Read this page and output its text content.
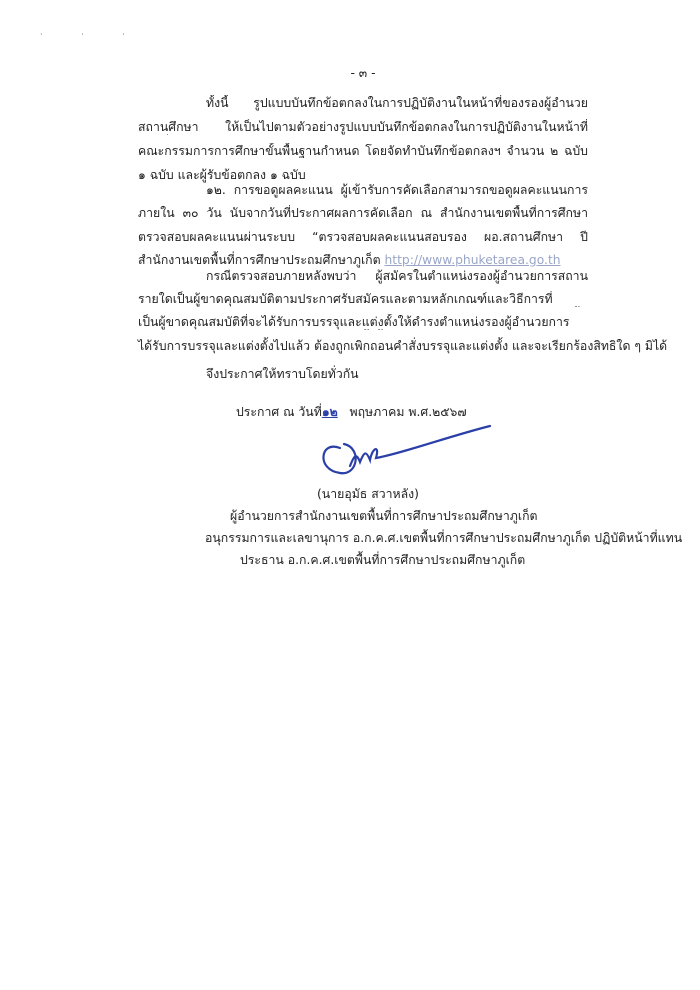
· · ·
- ๓ -
ทั้งนี้ รูปแบบบันทึกข้อตกลงในการปฏิบัติงานในหน้าที่ของรองผู้อำนวย
สถานศึกษา ให้เป็นไปตามตัวอย่างรูปแบบบันทึกข้อตกลงในการปฏิบัติงานในหน้าที่
คณะกรรมการการศึกษาขั้นพื้นฐานกำหนด โดยจัดทำบันทึกข้อตกลงฯ จำนวน ๒ ฉบับ
๑ ฉบับ และผู้รับข้อตกลง ๑ ฉบับ
๑๒. การขอดูผลคะแนน ผู้เข้ารับการคัดเลือกสามารถขอดูผลคะแนนการ
ภายใน ๓๐ วัน นับจากวันที่ประกาศผลการคัดเลือก ณ สำนักงานเขตพื้นที่การศึกษา
ตรวจสอบผลคะแนนผ่านระบบ “ตรวจสอบผลคะแนนสอบรอง ผอ.สถานศึกษา ปี
สำนักงานเขตพื้นที่การศึกษาประถมศึกษาภูเก็ต http://www.phuketarea.go.th
กรณีตรวจสอบภายหลังพบว่า ผู้สมัครในตำแหน่งรองผู้อำนวยการสถาน
รายใดเป็นผู้ขาดคุณสมบัติตามประกาศรับสมัครและตามหลักเกณฑ์และวิธีการที่
เป็นผู้ขาดคุณสมบัติที่จะได้รับการบรรจุและแต่งตั้งให้ดำรงตำแหน่งรองผู้อำนวยการ
ได้รับการบรรจุและแต่งตั้งไปแล้ว ต้องถูกเพิกถอนคำสั่งบรรจุและแต่งตั้ง และจะเรียกร้องสิทธิใด ๆ มิได้
จึงประกาศให้ทราบโดยทั่วกัน
ประกาศ ณ วันที่๑๒ พฤษภาคม พ.ศ.๒๕๖๗
(นายอุมัธ สวาหลัง)
ผู้อำนวยการสำนักงานเขตพื้นที่การศึกษาประถมศึกษาภูเก็ต
อนุกรรมการและเลขานุการ อ.ก.ค.ศ.เขตพื้นที่การศึกษาประถมศึกษาภูเก็ต ปฏิบัติหน้าที่แทน
ประธาน อ.ก.ค.ศ.เขตพื้นที่การศึกษาประถมศึกษาภูเก็ต
